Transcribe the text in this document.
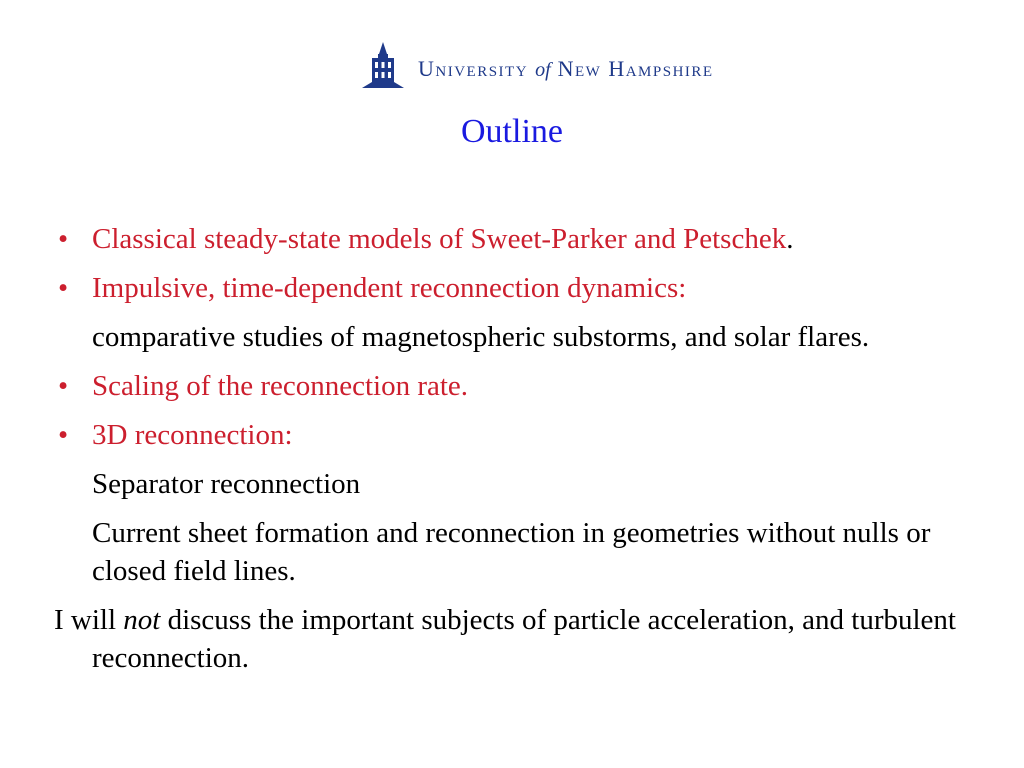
University of New Hampshire
Outline
• Classical steady-state models of Sweet-Parker and Petschek.
• Impulsive, time-dependent reconnection dynamics:
comparative studies of magnetospheric substorms, and solar flares.
• Scaling of the reconnection rate.
• 3D reconnection:
Separator reconnection
Current sheet formation and reconnection in geometries without nulls or closed field lines.
I will not discuss the important subjects of particle acceleration, and turbulent reconnection.
